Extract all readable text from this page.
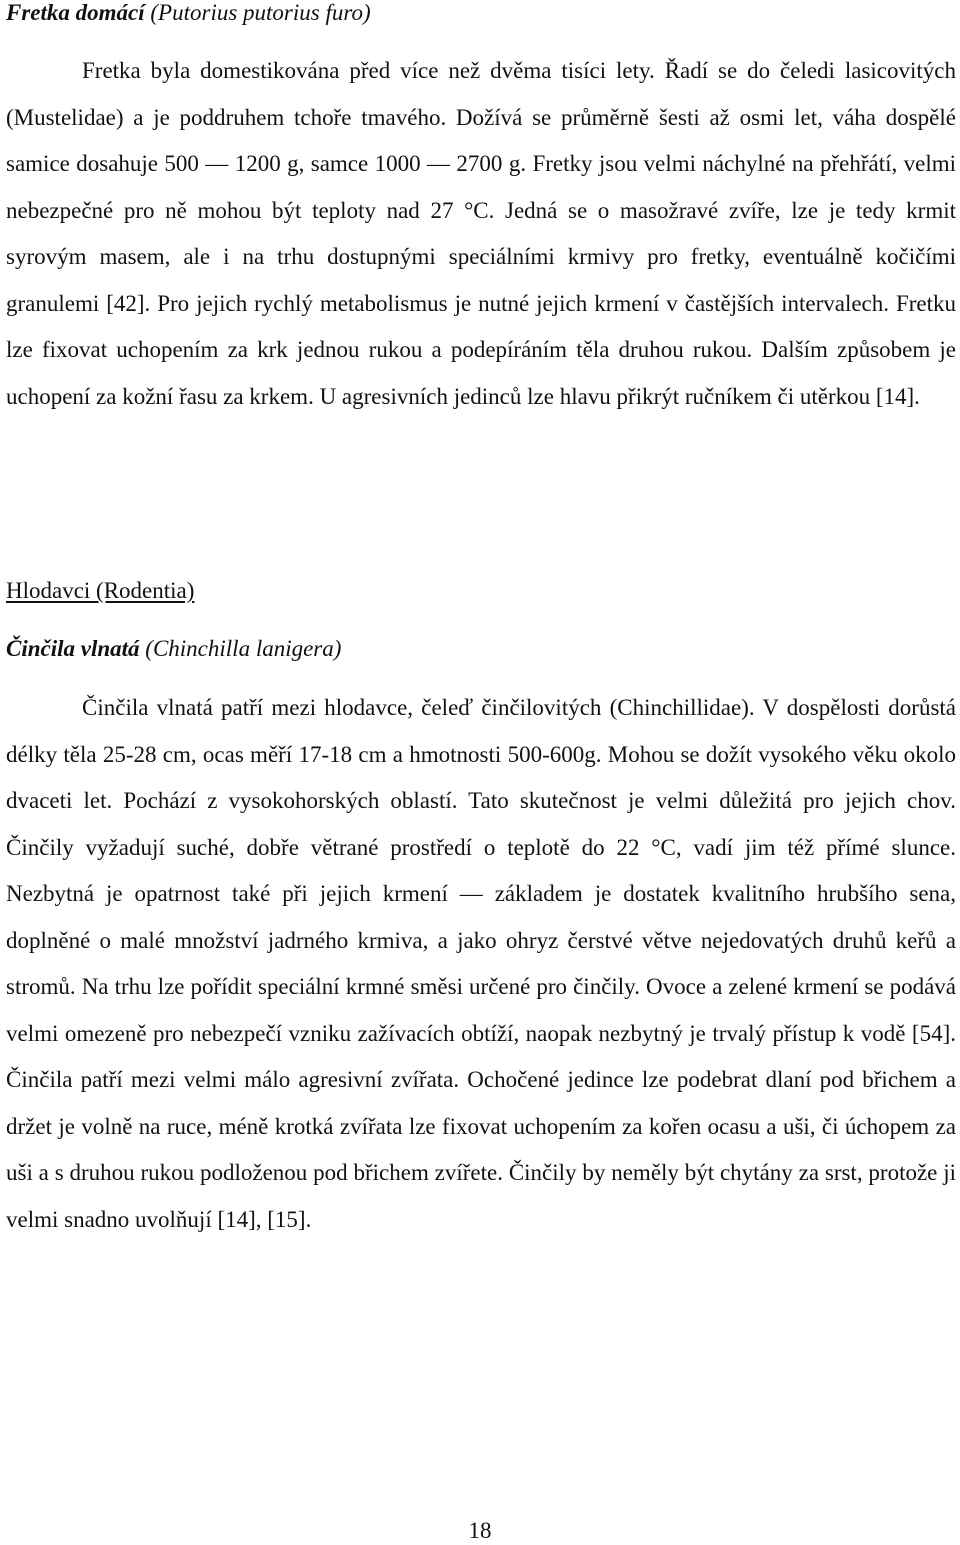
Fretka domácí (Putorius putorius furo)

Fretka byla domestikována před více než dvěma tisíci lety. Řadí se do čeledi lasicovitých (Mustelidae) a je poddruhem tchoře tmavého. Dožívá se průměrně šesti až osmi let, váha dospělé samice dosahuje 500 — 1200 g, samce 1000 — 2700 g. Fretky jsou velmi náchylné na přehřátí, velmi nebezpečné pro ně mohou být teploty nad 27 °C. Jedná se o masožravé zvíře, lze je tedy krmit syrovým masem, ale i na trhu dostupnými speciálními krmivy pro fretky, eventuálně kočičími granulemi [42]. Pro jejich rychlý metabolismus je nutné jejich krmení v častějších intervalech. Fretku lze fixovat uchopením za krk jednou rukou a podepíráním těla druhou rukou. Dalším způsobem je uchopení za kožní řasu za krkem. U agresivních jedinců lze hlavu přikrýt ručníkem či utěrkou [14].

Hlodavci (Rodentia)
Činčila vlnatá (Chinchilla lanigera)

Činčila vlnatá patří mezi hlodavce, čeleď činčilovitých (Chinchillidae). V dospělosti dorůstá délky těla 25-28 cm, ocas měří 17-18 cm a hmotnosti 500-600g. Mohou se dožít vysokého věku okolo dvaceti let. Pochází z vysokohorských oblastí. Tato skutečnost je velmi důležitá pro jejich chov. Činčily vyžadují suché, dobře větrané prostředí o teplotě do 22 °C, vadí jim též přímé slunce. Nezbytná je opatrnost také při jejich krmení — základem je dostatek kvalitního hrubšího sena, doplněné o malé množství jadrného krmiva, a jako ohryz čerstvé větve nejedovatých druhů keřů a stromů. Na trhu lze pořídit speciální krmné směsi určené pro činčily. Ovoce a zelené krmení se podává velmi omezeně pro nebezpečí vzniku zažívacích obtíží, naopak nezbytný je trvalý přístup k vodě [54]. Činčila patří mezi velmi málo agresivní zvířata. Ochočené jedince lze podebrat dlaní pod břichem a držet je volně na ruce, méně krotká zvířata lze fixovat uchopením za kořen ocasu a uši, či úchopem za uši a s druhou rukou podloženou pod břichem zvířete. Činčily by neměly být chytány za srst, protože ji velmi snadno uvolňují [14], [15].

18
